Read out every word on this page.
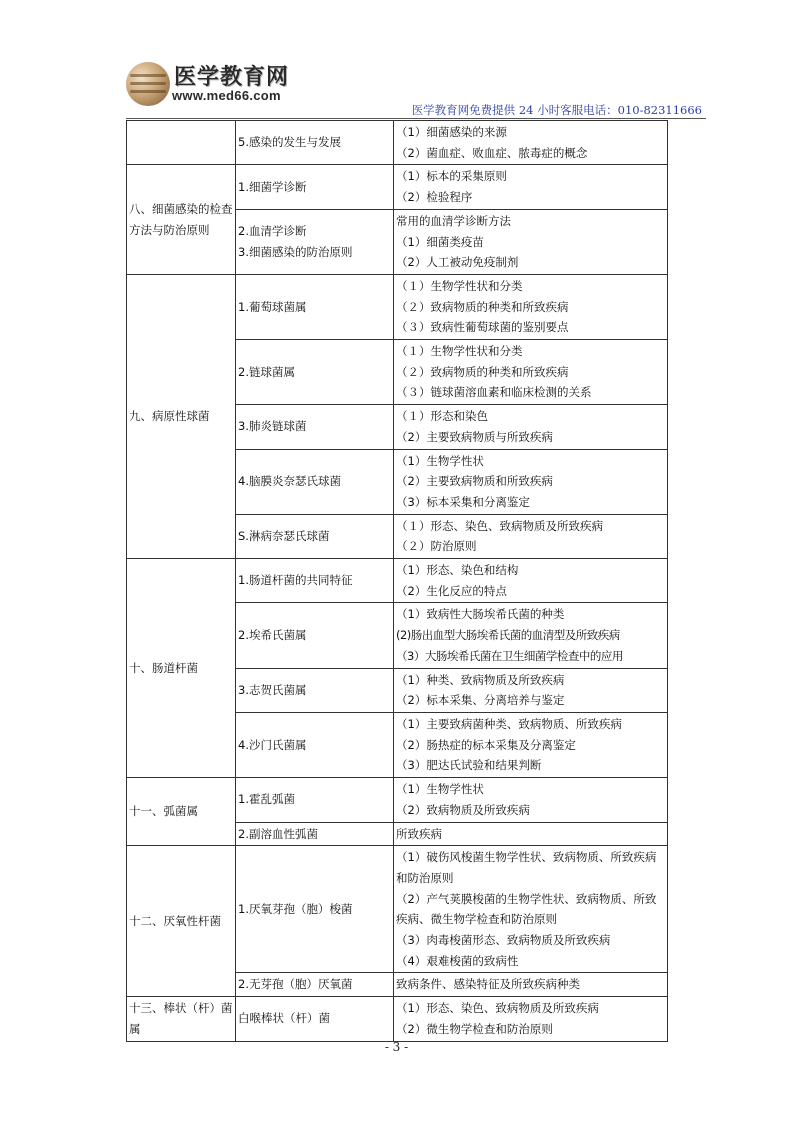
医学教育网
www.med66.com
医学教育网免费提供 24 小时客服电话：010-82311666

	5.感染的发生与发展	（1）细菌感染的来源
（2）菌血症、败血症、脓毒症的概念

八、细菌感染的检查方法与防治原则	1.细菌学诊断	（1）标本的采集原则
（2）检验程序

	2.血清学诊断
3.细菌感染的防治原则	常用的血清学诊断方法
（1）细菌类疫苗
（2）人工被动免疫制剂

九、病原性球菌	1.葡萄球菌属	（１）生物学性状和分类
（２）致病物质的种类和所致疾病
（３）致病性葡萄球菌的鉴别要点

	2.链球菌属	（１）生物学性状和分类
（２）致病物质的种类和所致疾病
（３）链球菌溶血素和临床检测的关系

	3.肺炎链球菌	（１）形态和染色
（2）主要致病物质与所致疾病

	4.脑膜炎奈瑟氏球菌	（1）生物学性状
（2）主要致病物质和所致疾病
（3）标本采集和分离鉴定

	S.淋病奈瑟氏球菌	（１）形态、染色、致病物质及所致疾病
（２）防治原则

十、肠道杆菌	1.肠道杆菌的共同特征	（1）形态、染色和结构
（2）生化反应的特点

	2.埃希氏菌属	（1）致病性大肠埃希氏菌的种类
(2)肠出血型大肠埃希氏菌的血清型及所致疾病
（3）大肠埃希氏菌在卫生细菌学检查中的应用

	3.志贺氏菌属	（1）种类、致病物质及所致疾病
（2）标本采集、分离培养与鉴定

	4.沙门氏菌属	（1）主要致病菌种类、致病物质、所致疾病
（2）肠热症的标本采集及分离鉴定
（3）肥达氏试验和结果判断

十一、弧菌属	1.霍乱弧菌	（1）生物学性状
（2）致病物质及所致疾病

	2.副溶血性弧菌	所致疾病

十二、厌氧性杆菌	1.厌氧芽孢（胞）梭菌	（1）破伤风梭菌生物学性状、致病物质、所致疾病和防治原则
（2）产气荚膜梭菌的生物学性状、致病物质、所致疾病、微生物学检查和防治原则
（3）肉毒梭菌形态、致病物质及所致疾病
（4）艰难梭菌的致病性

	2.无芽孢（胞）厌氧菌	致病条件、感染特征及所致疾病种类

十三、棒状（杆）菌属	白喉棒状（杆）菌	（1）形态、染色、致病物质及所致疾病
（2）微生物学检查和防治原则
- 3 -
